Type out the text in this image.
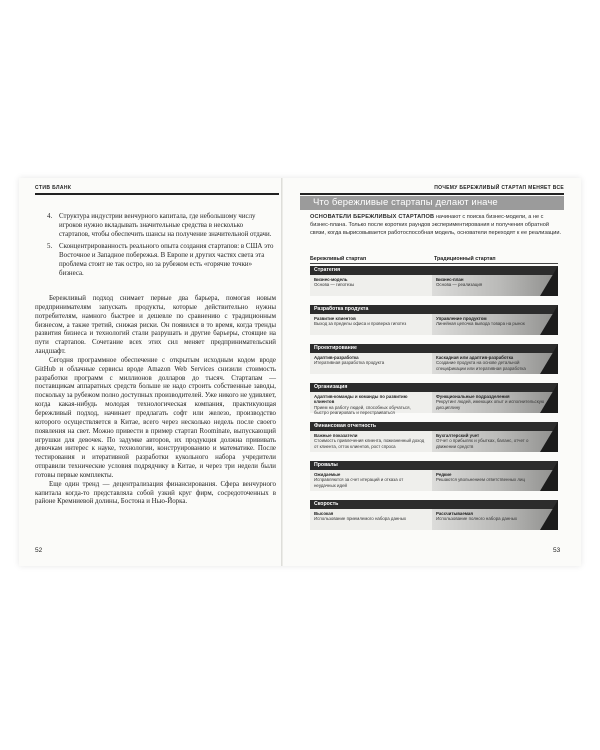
СТИВ БЛАНК
4. Структура индустрии венчурного капитала, где небольшому числу игроков нужно вкладывать значительные средства в несколько стартапов, чтобы обеспечить шансы на получение значительной отдачи.
5. Сконцентрированность реального опыта создания стартапов: в США это Восточное и Западное побережья. В Европе и других частях света эта проблема стоит не так остро, но за рубежом есть «горячие точки» бизнеса.

Бережливый подход снимает первые два барьера, помогая новым предпринимателям запускать продукты, которые действительно нужны потребителям, намного быстрее и дешевле по сравнению с традиционным бизнесом, а также третий, снижая риски. Он появился в то время, когда тренды развития бизнеса и технологий стали разрушать и другие барьеры, стоящие на пути стартапов. Сочетание всех этих сил меняет предпринимательский ландшафт.

Сегодня программное обеспечение с открытым исходным кодом вроде GitHub и облачные сервисы вроде Amazon Web Services снизили стоимость разработки программ с миллионов долларов до тысяч. Стартапам — поставщикам аппаратных средств больше не надо строить собственные заводы, поскольку за рубежом полно доступных производителей. Уже никого не удивляет, когда какая-нибудь молодая технологическая компания, практикующая бережливый подход, начинает предлагать софт или железо, производство которого осуществляется в Китае, всего через несколько недель после своего появления на свет. Можно привести в пример стартап Roominate, выпускающий игрушки для девочек. По задумке авторов, их продукция должна прививать девочкам интерес к науке, технологии, конструированию и математике. После тестирования и итеративной разработки кукольного набора учредители отправили технические условия подрядчику в Китае, и через три недели были готовы первые комплекты.

Еще один тренд — децентрализация финансирования. Сфера венчурного капитала когда-то представляла собой узкий круг фирм, сосредоточенных в районе Кремниевой долины, Бостона и Нью-Йорка.

52
ПОЧЕМУ БЕРЕЖЛИВЫЙ СТАРТАП МЕНЯЕТ ВСЕ
Что бережливые стартапы делают иначе
ОСНОВАТЕЛИ БЕРЕЖЛИВЫХ СТАРТАПОВ начинают с поиска бизнес-модели, а не с бизнес-плана. Только после коротких раундов экспериментирования и получения обратной связи, когда вырисовывается работоспособная модель, основатели переходят к ее реализации.
Бережливый стартап	Традиционный стартап
Стратегия
Бизнес-модель
Основа — гипотезы
Бизнес-план
Основа — реализация
Разработка продукта
Развитие клиентов
Выход за пределы офиса и проверка гипотез
Управление продуктом
Линейная цепочка вывода товара на рынок
Проектирование
Адаптив-разработка
Итеративная разработка продукта
Каскадная или адаптив-разработка
Создание продукта на основе детальной спецификации или итеративная разработка
Организация
Адаптив-команды и команды по развитию клиентов
Прием на работу людей, способных обучаться, быстро реагировать и перестраиваться
Функциональные подразделения
Рекрутинг людей, имеющих опыт и исполнительскую дисциплину
Финансовая отчетность
Важные показатели
Стоимость привлечения клиента, пожизненный доход от клиента, отток клиентов, рост спроса
Бухгалтерский учет
Отчет о прибылях и убытках, баланс, отчет о движении средств
Провалы
Ожидаемые
Исправляются за счет итераций и отказа от неудачных идей
Редкие
Решаются увольнением ответственных лиц
Скорость
Высокая
Использование приемлемого набора данных
Рассчитываемая
Использование полного набора данных
53
